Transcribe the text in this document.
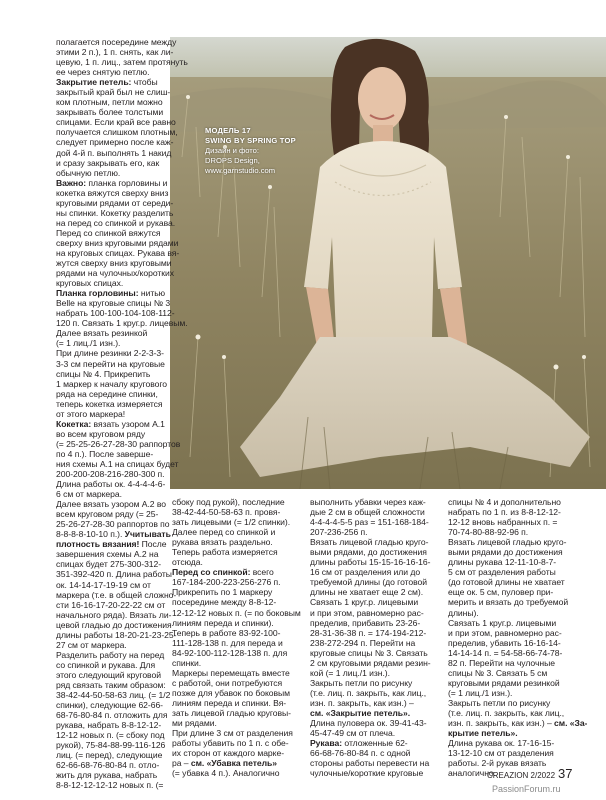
МОДЕЛЬ 17

SWING BY SPRING TOP

Дизайн и фото:

DROPS Design,

www.garnstudio.com

полагается посередине между

этими 2 п.), 1 п. снять, как ли-

цевую, 1 п. лиц., затем протянуть

ее через снятую петлю.

Закрытие петель: чтобы

закрытый край был не слиш-

ком плотным, петли можно

закрывать более толстыми

спицами. Если край все равно

получается слишком плотным,

следует примерно после каж-

дой 4-й п. выполнять 1 накид

и сразу закрывать его, как

обычную петлю.

Важно: планка горловины и

кокетка вяжутся сверху вниз

круговыми рядами от середи-

ны спинки. Кокетку разделить

на перед со спинкой и рукава.

Перед со спинкой вяжутся

сверху вниз круговыми рядами

на круговых спицах. Рукава вя-

жутся сверху вниз круговыми

рядами на чулочных/коротких

круговых спицах.

Планка горловины: нитью

Belle на круговые спицы № 3

набрать 100-100-104-108-112-

120 п. Связать 1 круг.р. лицевым.

Далее вязать резинкой

(= 1 лиц./1 изн.).

При длине резинки 2-2-3-3-

3-3 см перейти на круговые

спицы № 4. Прикрепить

1 маркер к началу кругового

ряда на середине спинки,

теперь кокетка измеряется

от этого маркера!

Кокетка: вязать узором А.1

во всем круговом ряду

(= 25-25-26-27-28-30 раппортов

по 4 п.). После заверше-

ния схемы А.1 на спицах будет

200-200-208-216-280-300 п.

Длина работы ок. 4-4-4-4-6-

6 см от маркера.

Далее вязать узором А.2 во

всем круговом ряду (= 25-

25-26-27-28-30 раппортов по

8-8-8-8-10-10 п.). Учитывать

плотность вязания! После

завершения схемы А.2 на

спицах будет 275-300-312-

351-392-420 п. Длина работы

ок. 14-14-17-19-19 см от

маркера (т.е. в общей сложно-

сти 16-16-17-20-22-22 см от

начального ряда). Вязать ли-

цевой гладью до достижения

длины работы 18-20-21-23-25-

27 см от маркера.

Разделить работу на перед

со спинкой и рукава. Для

этого следующий круговой

ряд связать таким образом:

38-42-44-50-58-63 лиц. (= 1/2

спинки), следующие 62-66-

68-76-80-84 п. отложить для

рукава, набрать 8-8-12-12-

12-12 новых п. (= сбоку под

рукой), 75-84-88-99-116-126

лиц. (= перед), следующие

62-66-68-76-80-84 п. отло-

жить для рукава, набрать

8-8-12-12-12-12 новых п. (=

сбоку под рукой), последние

38-42-44-50-58-63 п. провя-

зать лицевыми (= 1/2 спинки).

Далее перед со спинкой и

рукава вязать раздельно.

Теперь работа измеряется

отсюда.

Перед со спинкой: всего

167-184-200-223-256-276 п.

Прикрепить по 1 маркеру

посередине между 8-8-12-

12-12-12 новых п. (= по боковым

линиям переда и спинки).

Теперь в работе 83-92-100-

111-128-138 п. для переда и

84-92-100-112-128-138 п. для

спинки.

Маркеры перемещать вместе

с работой, они потребуются

позже для убавок по боковым

линиям переда и спинки. Вя-

зать лицевой гладью круговы-

ми рядами.

При длине 3 см от разделения

работы убавить по 1 п. с обе-

их сторон от каждого марке-

ра – см. «Убавка петель»

(= убавка 4 п.). Аналогично

выполнить убавки через каж-

дые 2 см в общей сложности

4-4-4-4-5-5 раз = 151-168-184-

207-236-256 п.

Вязать лицевой гладью круго-

выми рядами, до достижения

длины работы 15-15-16-16-16-

16 см от разделения или до

требуемой длины (до готовой

длины не хватает еще 2 см).

Связать 1 круг.р. лицевыми

и при этом, равномерно рас-

пределив, прибавить 23-26-

28-31-36-38 п. = 174-194-212-

238-272-294 п. Перейти на

круговые спицы № 3. Связать

2 см круговыми рядами резин-

кой (= 1 лиц./1 изн.).

Закрыть петли по рисунку

(т.е. лиц. п. закрыть, как лиц.,

изн. п. закрыть, как изн.) –

см. «Закрытие петель».

Длина пуловера ок. 39-41-43-

45-47-49 см от плеча.

Рукава: отложенные 62-

66-68-76-80-84 п. с одной

стороны работы перевести на

чулочные/короткие круговые

спицы № 4 и дополнительно

набрать по 1 п. из 8-8-12-12-

12-12 вновь набранных п. =

70-74-80-88-92-96 п.

Вязать лицевой гладью круго-

выми рядами до достижения

длины рукава 12-11-10-8-7-

5 см от разделения работы

(до готовой длины не хватает

еще ок. 5 см, пуловер при-

мерить и вязать до требуемой

длины).

Связать 1 круг.р. лицевыми

и при этом, равномерно рас-

пределив, убавить 16-16-14-

14-14-14 п. = 54-58-66-74-78-

82 п. Перейти на чулочные

спицы № 3. Связать 5 см

круговыми рядами резинкой

(= 1 лиц./1 изн.).

Закрыть петли по рисунку

(т.е. лиц. п. закрыть, как лиц.,

изн. п. закрыть, как изн.) – см. «За-

крытие петель».

Длина рукава ок. 17-16-15-

13-12-10 см от разделения

работы. 2-й рукав вязать

аналогично.

CREAZION 2/2022 37
PassionForum.ru
